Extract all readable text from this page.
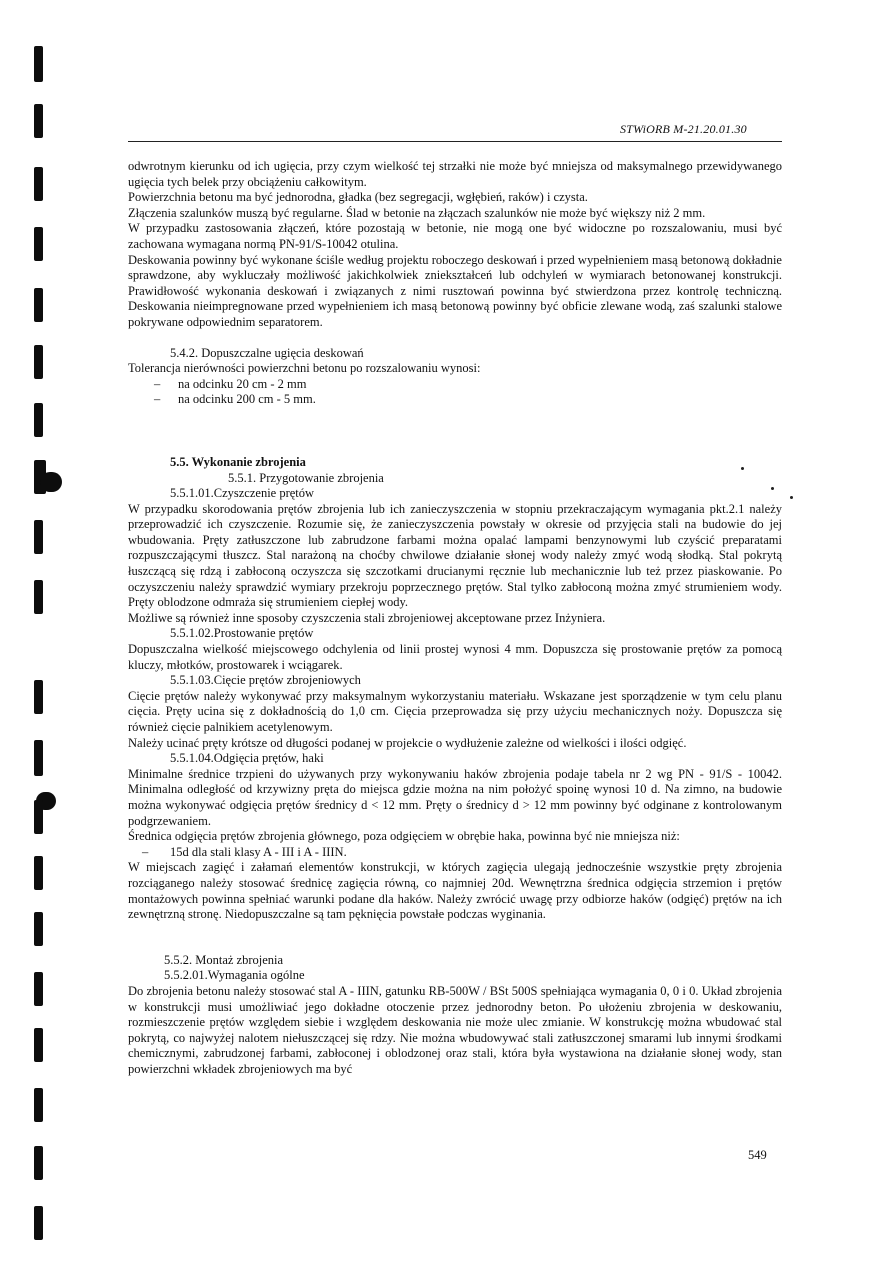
STWiORB M-21.20.01.30

odwrotnym kierunku od ich ugięcia, przy czym wielkość tej strzałki nie może być mniejsza od maksymalnego przewidywanego ugięcia tych belek przy obciążeniu całkowitym.

Powierzchnia betonu ma być jednorodna, gładka (bez segregacji, wgłębień, raków) i czysta.

Złączenia szalunków muszą być regularne. Ślad w betonie na złączach szalunków nie może być większy niż 2 mm.

W przypadku zastosowania złączeń, które pozostają w betonie, nie mogą one być widoczne po rozszalowaniu, musi być zachowana wymagana normą PN-91/S-10042 otulina.

Deskowania powinny być wykonane ściśle według projektu roboczego deskowań i przed wypełnieniem masą betonową dokładnie sprawdzone, aby wykluczały możliwość jakichkolwiek zniekształceń lub odchyleń w wymiarach betonowanej konstrukcji. Prawidłowość wykonania deskowań i związanych z nimi rusztowań powinna być stwierdzona przez kontrolę techniczną. Deskowania nieimpregnowane przed wypełnieniem ich masą betonową powinny być obficie zlewane wodą, zaś szalunki stalowe pokrywane odpowiednim separatorem.

5.4.2. Dopuszczalne ugięcia deskowań

Tolerancja nierówności powierzchni betonu po rozszalowaniu wynosi:

– na odcinku 20 cm - 2 mm

– na odcinku 200 cm - 5 mm.

5.5. Wykonanie zbrojenia

5.5.1. Przygotowanie zbrojenia

5.5.1.01.Czyszczenie prętów

W przypadku skorodowania prętów zbrojenia lub ich zanieczyszczenia w stopniu przekraczającym wymagania pkt.2.1 należy przeprowadzić ich czyszczenie. Rozumie się, że zanieczyszczenia powstały w okresie od przyjęcia stali na budowie do jej wbudowania. Pręty zatłuszczone lub zabrudzone farbami można opalać lampami benzynowymi lub czyścić preparatami rozpuszczającymi tłuszcz. Stal narażoną na choćby chwilowe działanie słonej wody należy zmyć wodą słodką. Stal pokrytą łuszczącą się rdzą i zabłoconą oczyszcza się szczotkami drucianymi ręcznie lub mechanicznie lub też przez piaskowanie. Po oczyszczeniu należy sprawdzić wymiary przekroju poprzecznego prętów. Stal tylko zabłoconą można zmyć strumieniem wody. Pręty oblodzone odmraża się strumieniem ciepłej wody.

Możliwe są również inne sposoby czyszczenia stali zbrojeniowej akceptowane przez Inżyniera.

5.5.1.02.Prostowanie prętów

Dopuszczalna wielkość miejscowego odchylenia od linii prostej wynosi 4 mm. Dopuszcza się prostowanie prętów za pomocą kluczy, młotków, prostowarek i wciągarek.

5.5.1.03.Cięcie prętów zbrojeniowych

Cięcie prętów należy wykonywać przy maksymalnym wykorzystaniu materiału. Wskazane jest sporządzenie w tym celu planu cięcia. Pręty ucina się z dokładnością do 1,0 cm. Cięcia przeprowadza się przy użyciu mechanicznych noży. Dopuszcza się również cięcie palnikiem acetylenowym.

Należy ucinać pręty krótsze od długości podanej w projekcie o wydłużenie zależne od wielkości i ilości odgięć.

5.5.1.04.Odgięcia prętów, haki

Minimalne średnice trzpieni do używanych przy wykonywaniu haków zbrojenia podaje tabela nr 2 wg PN - 91/S - 10042. Minimalna odległość od krzywizny pręta do miejsca gdzie można na nim położyć spoinę wynosi 10 d. Na zimno, na budowie można wykonywać odgięcia prętów średnicy d < 12 mm. Pręty o średnicy d > 12 mm powinny być odginane z kontrolowanym podgrzewaniem.

Średnica odgięcia prętów zbrojenia głównego, poza odgięciem w obrębie haka, powinna być nie mniejsza niż:

– 15d dla stali klasy A - III i A - IIIN.

W miejscach zagięć i załamań elementów konstrukcji, w których zagięcia ulegają jednocześnie wszystkie pręty zbrojenia rozciąganego należy stosować średnicę zagięcia równą, co najmniej 20d. Wewnętrzna średnica odgięcia strzemion i prętów montażowych powinna spełniać warunki podane dla haków. Należy zwrócić uwagę przy odbiorze haków (odgięć) prętów na ich zewnętrzną stronę. Niedopuszczalne są tam pęknięcia powstałe podczas wyginania.

5.5.2. Montaż zbrojenia

5.5.2.01.Wymagania ogólne

Do zbrojenia betonu należy stosować stal A - IIIN, gatunku RB-500W / BSt 500S spełniająca wymagania 0, 0 i 0. Układ zbrojenia w konstrukcji musi umożliwiać jego dokładne otoczenie przez jednorodny beton. Po ułożeniu zbrojenia w deskowaniu, rozmieszczenie prętów względem siebie i względem deskowania nie może ulec zmianie. W konstrukcję można wbudować stal pokrytą, co najwyżej nalotem niełuszczącej się rdzy. Nie można wbudowywać stali zatłuszczonej smarami lub innymi środkami chemicznymi, zabrudzonej farbami, zabłoconej i oblodzonej oraz stali, która była wystawiona na działanie słonej wody, stan powierzchni wkładek zbrojeniowych ma być

549
